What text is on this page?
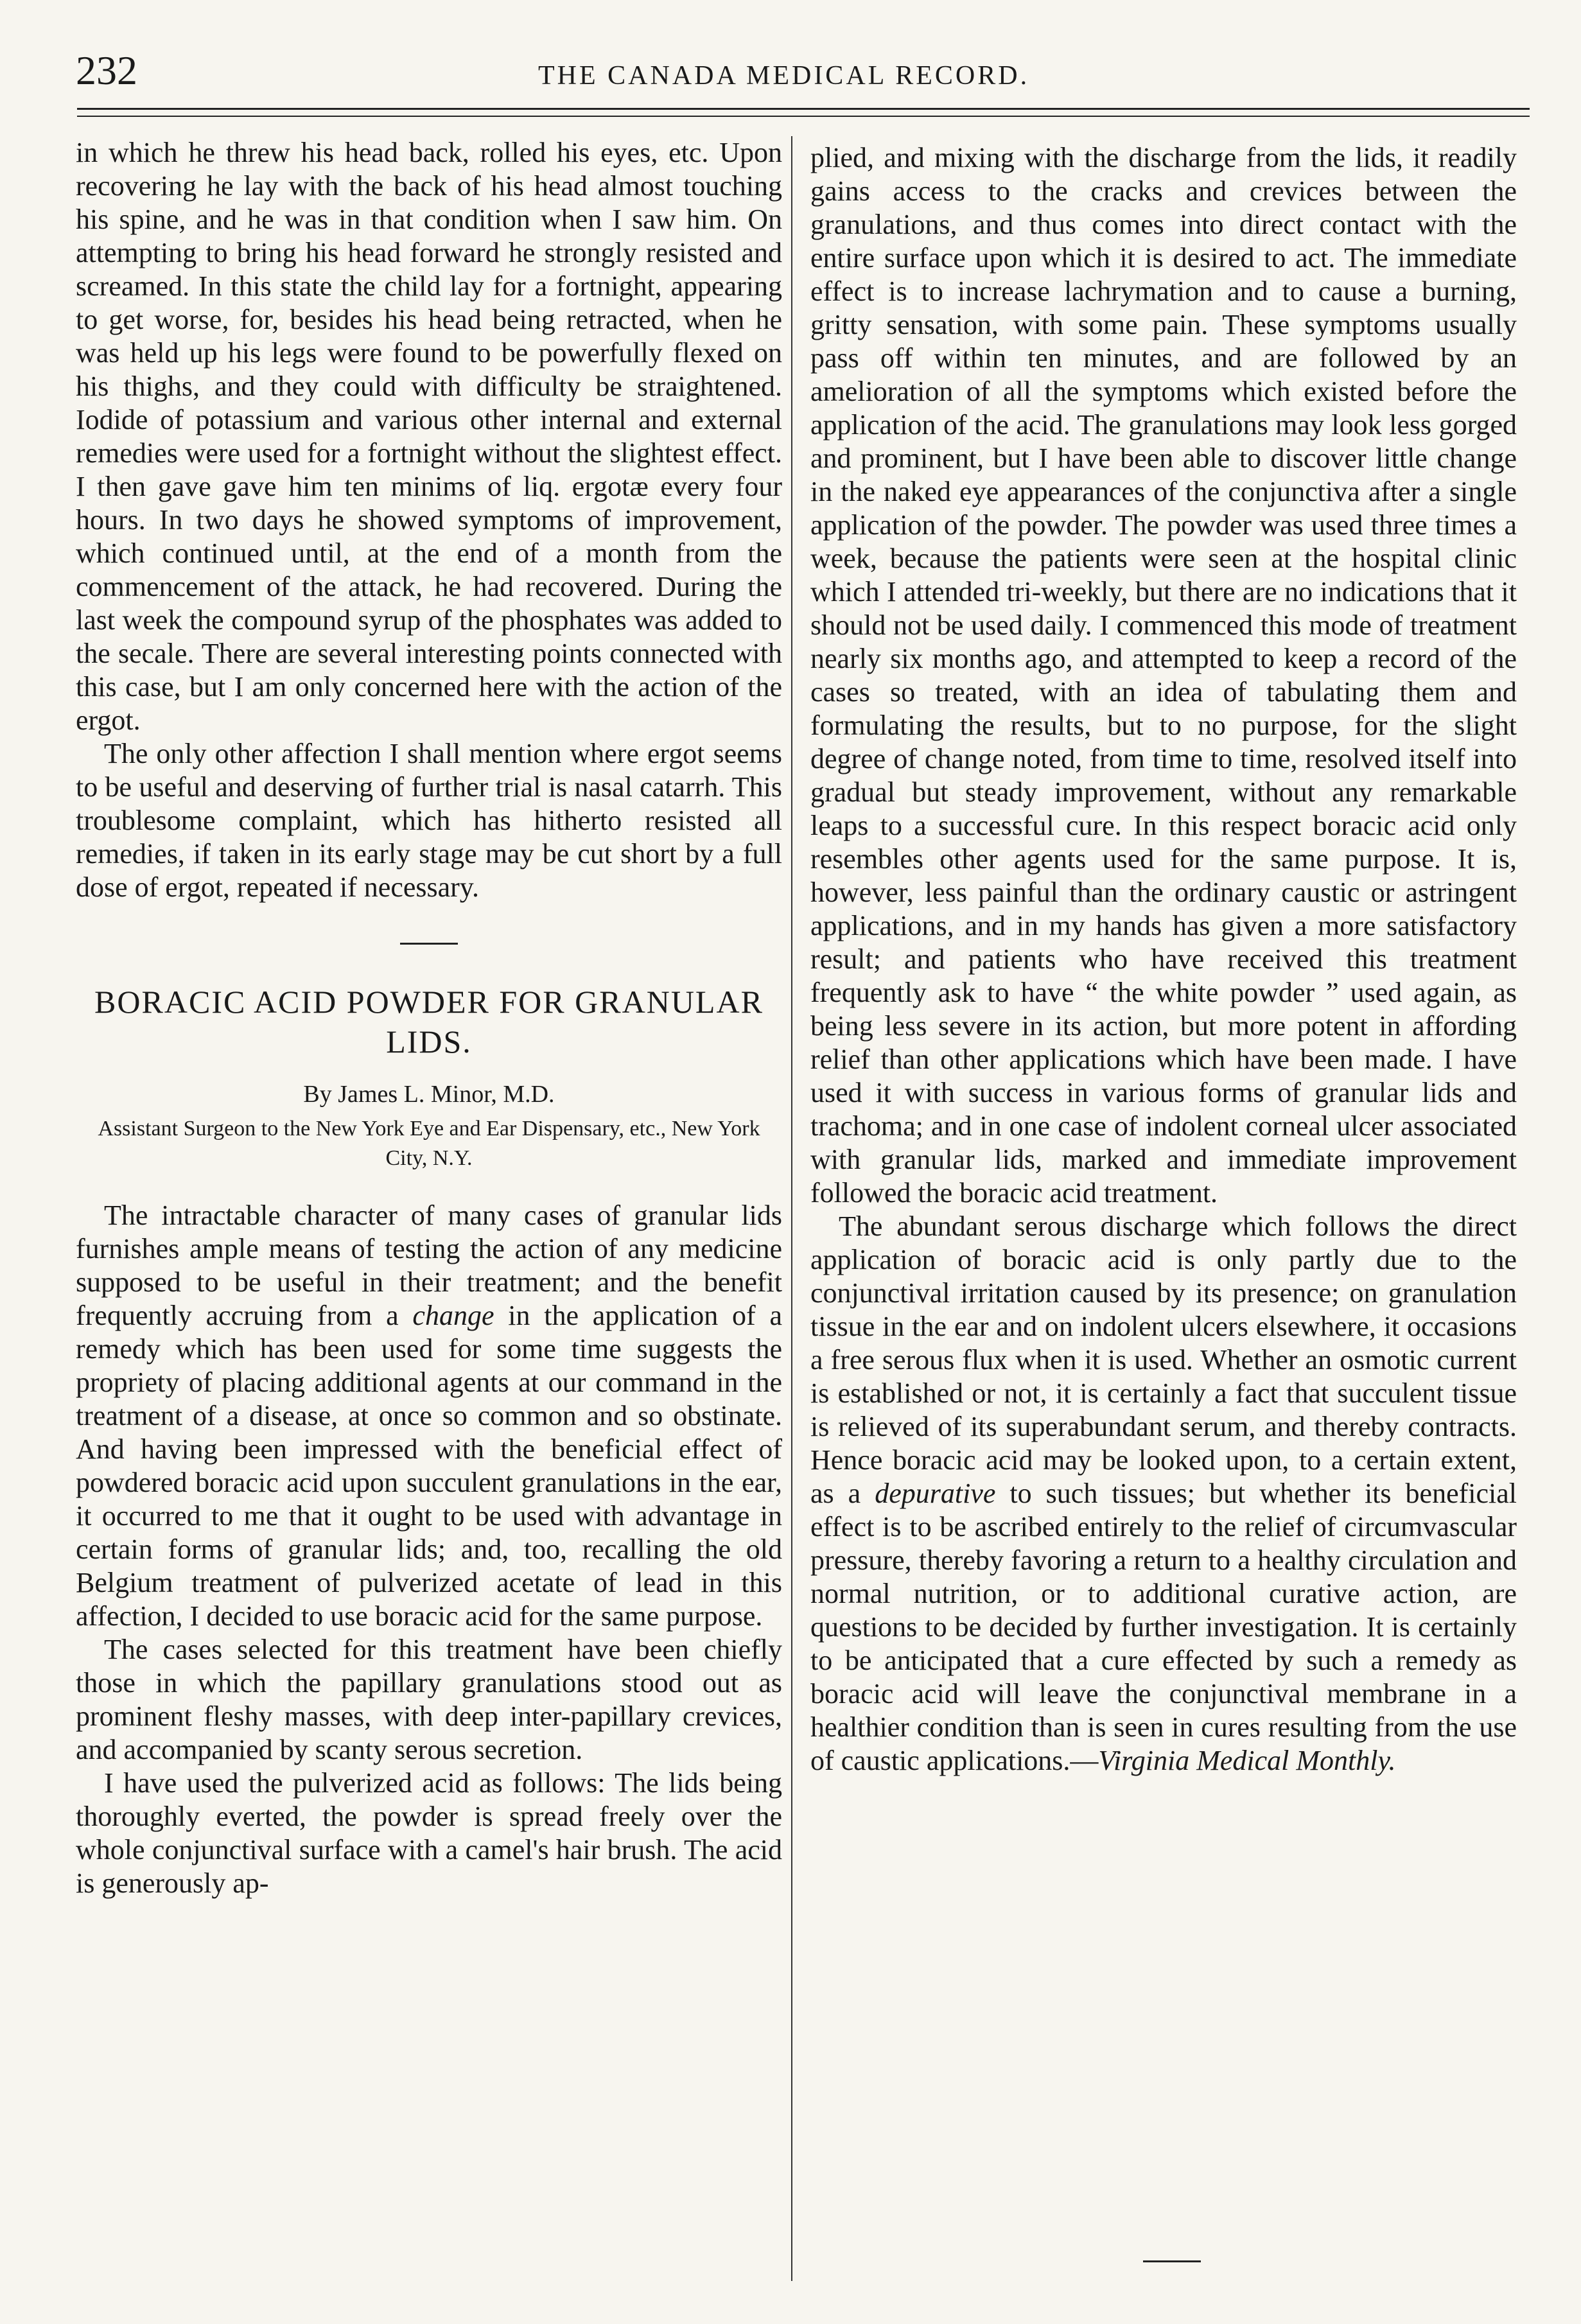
232	THE CANADA MEDICAL RECORD.

in which he threw his head back, rolled his eyes, etc. Upon recovering he lay with the back of his head almost touching his spine, and he was in that condition when I saw him. On attempting to bring his head forward he strongly resisted and screamed. In this state the child lay for a fortnight, appearing to get worse, for, besides his head being retracted, when he was held up his legs were found to be powerfully flexed on his thighs, and they could with difficulty be straightened. Iodide of potassium and various other internal and external remedies were used for a fortnight without the slightest effect. I then gave gave him ten minims of liq. ergotæ every four hours. In two days he showed symptoms of improvement, which continued until, at the end of a month from the commencement of the attack, he had recovered. During the last week the compound syrup of the phosphates was added to the secale. There are several interesting points connected with this case, but I am only concerned here with the action of the ergot.

The only other affection I shall mention where ergot seems to be useful and deserving of further trial is nasal catarrh. This troublesome complaint, which has hitherto resisted all remedies, if taken in its early stage may be cut short by a full dose of ergot, repeated if necessary.

BORACIC ACID POWDER FOR GRANULAR LIDS.
By James L. Minor, M.D.
Assistant Surgeon to the New York Eye and Ear Dispensary, etc., New York City, N.Y.

The intractable character of many cases of granular lids furnishes ample means of testing the action of any medicine supposed to be useful in their treatment; and the benefit frequently accruing from a change in the application of a remedy which has been used for some time suggests the propriety of placing additional agents at our command in the treatment of a disease, at once so common and so obstinate. And having been impressed with the beneficial effect of powdered boracic acid upon succulent granulations in the ear, it occurred to me that it ought to be used with advantage in certain forms of granular lids; and, too, recalling the old Belgium treatment of pulverized acetate of lead in this affection, I decided to use boracic acid for the same purpose.

The cases selected for this treatment have been chiefly those in which the papillary granulations stood out as prominent fleshy masses, with deep inter-papillary crevices, and accompanied by scanty serous secretion.

I have used the pulverized acid as follows: The lids being thoroughly everted, the powder is spread freely over the whole conjunctival surface with a camel's hair brush. The acid is generously ap-

plied, and mixing with the discharge from the lids, it readily gains access to the cracks and crevices between the granulations, and thus comes into direct contact with the entire surface upon which it is desired to act. The immediate effect is to increase lachrymation and to cause a burning, gritty sensation, with some pain. These symptoms usually pass off within ten minutes, and are followed by an amelioration of all the symptoms which existed before the application of the acid. The granulations may look less gorged and prominent, but I have been able to discover little change in the naked eye appearances of the conjunctiva after a single application of the powder. The powder was used three times a week, because the patients were seen at the hospital clinic which I attended tri-weekly, but there are no indications that it should not be used daily. I commenced this mode of treatment nearly six months ago, and attempted to keep a record of the cases so treated, with an idea of tabulating them and formulating the results, but to no purpose, for the slight degree of change noted, from time to time, resolved itself into gradual but steady improvement, without any remarkable leaps to a successful cure. In this respect boracic acid only resembles other agents used for the same purpose. It is, however, less painful than the ordinary caustic or astringent applications, and in my hands has given a more satisfactory result; and patients who have received this treatment frequently ask to have “ the white powder ” used again, as being less severe in its action, but more potent in affording relief than other applications which have been made. I have used it with success in various forms of granular lids and trachoma; and in one case of indolent corneal ulcer associated with granular lids, marked and immediate improvement followed the boracic acid treatment.

The abundant serous discharge which follows the direct application of boracic acid is only partly due to the conjunctival irritation caused by its presence; on granulation tissue in the ear and on indolent ulcers elsewhere, it occasions a free serous flux when it is used. Whether an osmotic current is established or not, it is certainly a fact that succulent tissue is relieved of its superabundant serum, and thereby contracts. Hence boracic acid may be looked upon, to a certain extent, as a depurative to such tissues; but whether its beneficial effect is to be ascribed entirely to the relief of circumvascular pressure, thereby favoring a return to a healthy circulation and normal nutrition, or to additional curative action, are questions to be decided by further investigation. It is certainly to be anticipated that a cure effected by such a remedy as boracic acid will leave the conjunctival membrane in a healthier condition than is seen in cures resulting from the use of caustic applications.—Virginia Medical Monthly.
